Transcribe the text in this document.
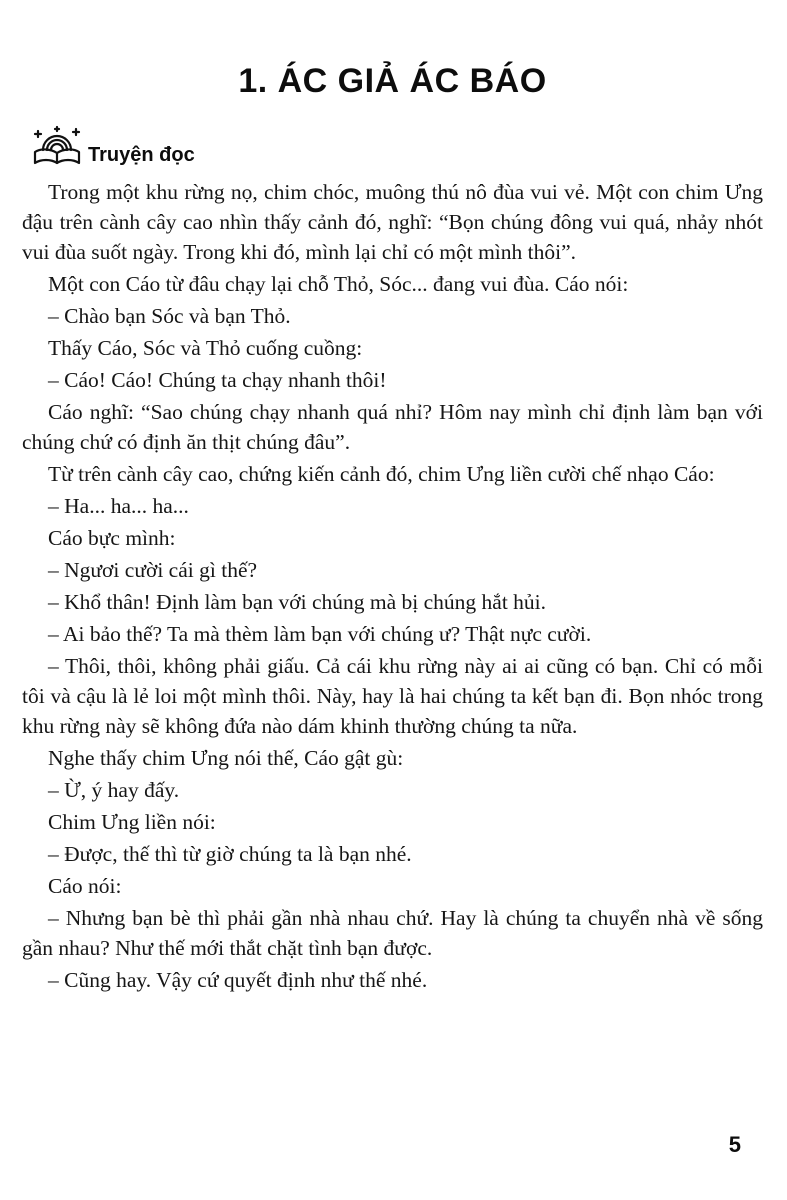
1. ÁC GIẢ ÁC BÁO
Truyện đọc

Trong một khu rừng nọ, chim chóc, muông thú nô đùa vui vẻ. Một con chim Ưng đậu trên cành cây cao nhìn thấy cảnh đó, nghĩ: “Bọn chúng đông vui quá, nhảy nhót vui đùa suốt ngày. Trong khi đó, mình lại chỉ có một mình thôi”.

Một con Cáo từ đâu chạy lại chỗ Thỏ, Sóc... đang vui đùa. Cáo nói:

– Chào bạn Sóc và bạn Thỏ.

Thấy Cáo, Sóc và Thỏ cuống cuồng:

– Cáo! Cáo! Chúng ta chạy nhanh thôi!

Cáo nghĩ: “Sao chúng chạy nhanh quá nhỉ? Hôm nay mình chỉ định làm bạn với chúng chứ có định ăn thịt chúng đâu”.

Từ trên cành cây cao, chứng kiến cảnh đó, chim Ưng liền cười chế nhạo Cáo:

– Ha... ha... ha...

Cáo bực mình:

– Ngươi cười cái gì thế?

– Khổ thân! Định làm bạn với chúng mà bị chúng hắt hủi.

– Ai bảo thế? Ta mà thèm làm bạn với chúng ư? Thật nực cười.

– Thôi, thôi, không phải giấu. Cả cái khu rừng này ai ai cũng có bạn. Chỉ có mỗi tôi và cậu là lẻ loi một mình thôi. Này, hay là hai chúng ta kết bạn đi. Bọn nhóc trong khu rừng này sẽ không đứa nào dám khinh thường chúng ta nữa.

Nghe thấy chim Ưng nói thế, Cáo gật gù:

– Ừ, ý hay đấy.

Chim Ưng liền nói:

– Được, thế thì từ giờ chúng ta là bạn nhé.

Cáo nói:

– Nhưng bạn bè thì phải gần nhà nhau chứ. Hay là chúng ta chuyển nhà về sống gần nhau? Như thế mới thắt chặt tình bạn được.

– Cũng hay. Vậy cứ quyết định như thế nhé.

5
